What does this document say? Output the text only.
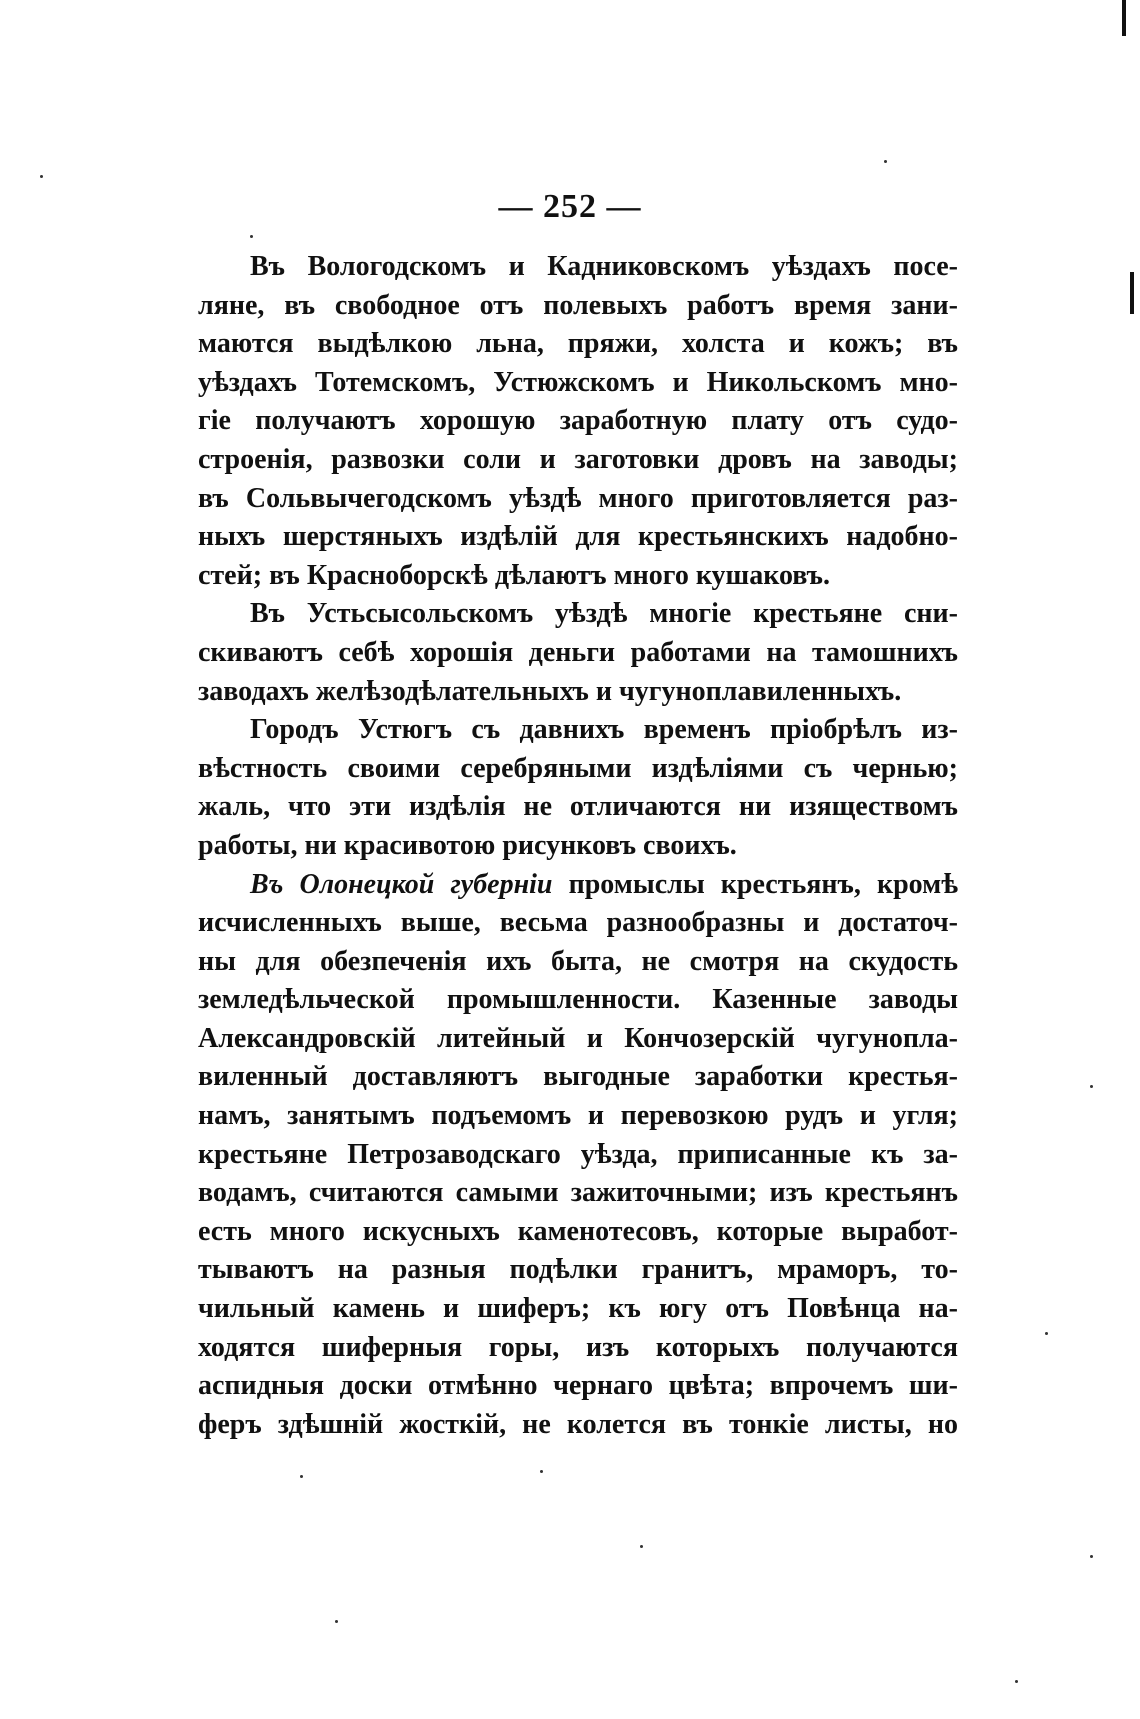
— 252 —
Въ Вологодскомъ и Кадниковскомъ уѣздахъ посе-
ляне, въ свободное отъ полевыхъ работъ время зани-
маются выдѣлкою льна, пряжи, холста и кожъ; въ
уѣздахъ Тотемскомъ, Устюжскомъ и Никольскомъ мно-
гіе получаютъ хорошую заработную плату отъ судо-
строенія, развозки соли и заготовки дровъ на заводы;
въ Сольвычегодскомъ уѣздѣ много приготовляется раз-
ныхъ шерстяныхъ издѣлій для крестьянскихъ надобно-
стей; въ Красноборскѣ дѣлаютъ много кушаковъ.
Въ Устьсысольскомъ уѣздѣ многіе крестьяне сни-
скиваютъ себѣ хорошія деньги работами на тамошнихъ
заводахъ желѣзодѣлательныхъ и чугуноплавиленныхъ.
Городъ Устюгъ съ давнихъ временъ пріобрѣлъ из-
вѣстность своими серебряными издѣліями съ чернью;
жаль, что эти издѣлія не отличаются ни изяществомъ
работы, ни красивотою рисунковъ своихъ.
Въ Олонецкой губерніи промыслы крестьянъ, кромѣ
исчисленныхъ выше, весьма разнообразны и достаточ-
ны для обезпеченія ихъ быта, не смотря на скудость
земледѣльческой промышленности. Казенные заводы
Александровскій литейный и Кончозерскій чугуноплa-
виленный доставляютъ выгодные заработки крестья-
намъ, занятымъ подъемомъ и перевозкою рудъ и угля;
крестьяне Петрозаводскаго уѣзда, приписанные къ за-
водамъ, считаются самыми зажиточными; изъ крестьянъ
есть много искусныхъ каменотесовъ, которые выработ-
тываютъ на разныя подѣлки гранитъ, мраморъ, то-
чильный камень и шиферъ; къ югу отъ Повѣнца на-
ходятся шиферныя горы, изъ которыхъ получаются
аспидныя доски отмѣнно чернаго цвѣта; впрочемъ ши-
феръ здѣшній жосткій, не колется въ тонкіе листы, но
